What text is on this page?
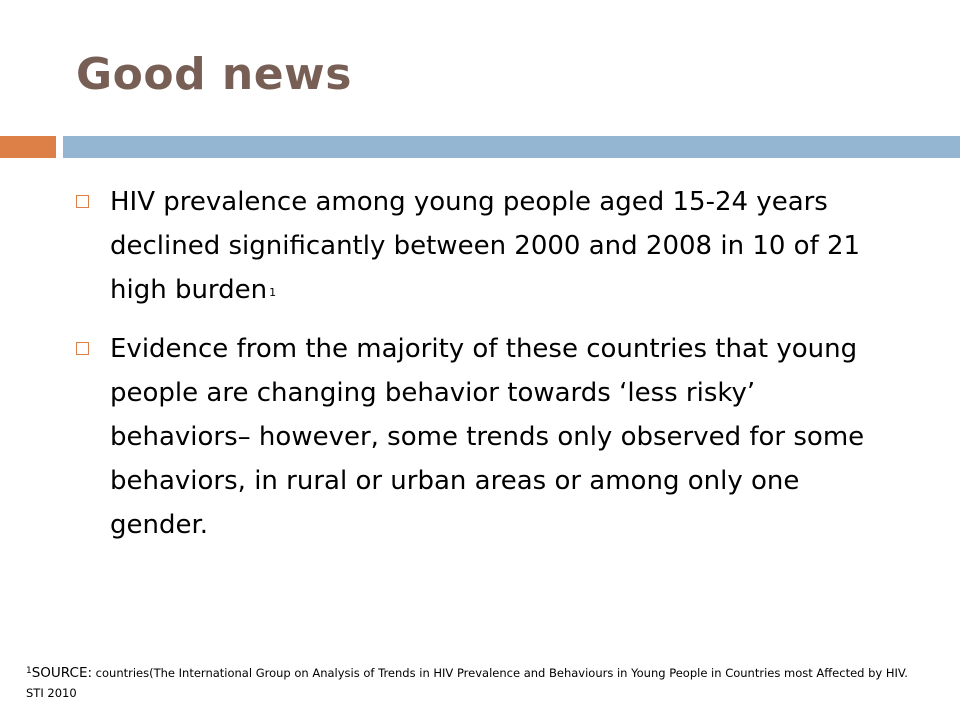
Good news
HIV prevalence among young people aged 15-24 years declined significantly between 2000 and 2008 in 10 of 21 high burden 1
Evidence from the majority of these countries that young people are changing behavior towards ‘less risky’ behaviors– however, some trends only observed for some behaviors, in rural or urban areas or among only one gender.
$^1$SOURCE: countries(The International Group on Analysis of Trends in HIV Prevalence and Behaviours in Young People in Countries most Affected by HIV. STI 2010
